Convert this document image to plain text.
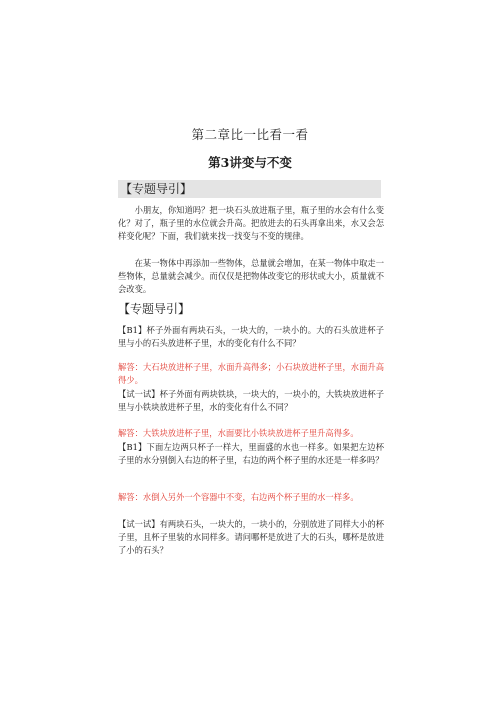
第二章比一比看一看
第3讲变与不变
【专题导引】
小朋友，你知道吗？把一块石头放进瓶子里，瓶子里的水会有什么变化？对了，瓶子里的水位就会升高。把放进去的石头再拿出来，水又会怎样变化呢？下面，我们就来找一找变与不变的规律。
在某一物体中再添加一些物体，总量就会增加，在某一物体中取走一些物体，总量就会减少。而仅仅是把物体改变它的形状或大小，质量就不会改变。
【专题导引】
【B1】杯子外面有两块石头，一块大的，一块小的。大的石头放进杯子里与小的石头放进杯子里，水的变化有什么不同？
解答：大石块放进杯子里，水面升高得多；小石块放进杯子里，水面升高得少。
【试一试】杯子外面有两块铁块，一块大的，一块小的，大铁块放进杯子里与小铁块放进杯子里，水的变化有什么不同？
解答：大铁块放进杯子里，水面要比小铁块放进杯子里升高得多。
【B1】下面左边两只杯子一样大，里面盛的水也一样多。如果把左边杯子里的水分别倒入右边的杯子里，右边的两个杯子里的水还是一样多吗？
解答：水倒入另外一个容器中不变，右边两个杯子里的水一样多。
【试一试】有两块石头，一块大的，一块小的，分别放进了同样大小的杯子里，且杯子里装的水同样多。请问哪杯是放进了大的石头，哪杯是放进了小的石头？
